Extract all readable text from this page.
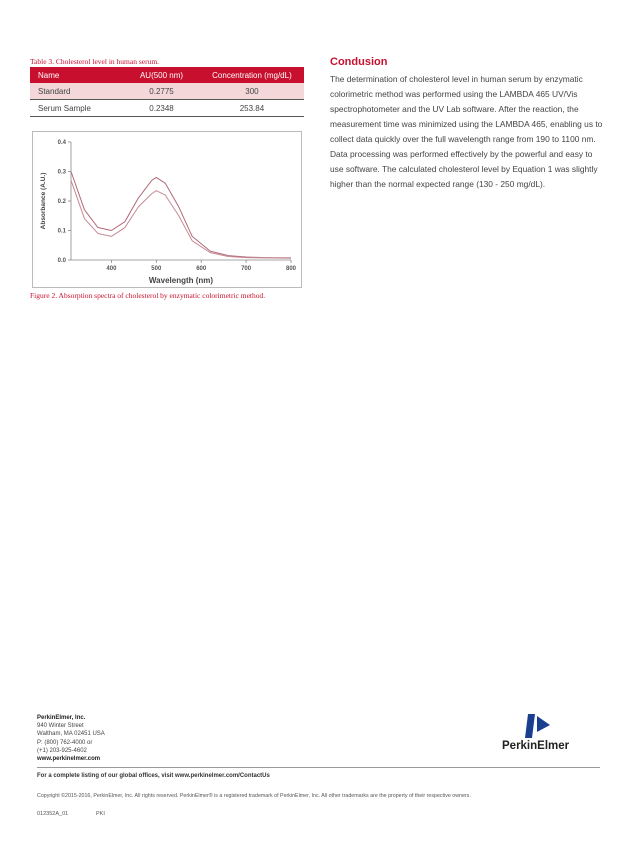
Table 3. Cholesterol level in human serum.
Name	AU(500 nm)	Concentration (mg/dL)
Standard	0.2775	300
Serum Sample	0.2348	253.84
0.0
0.1
0.2
0.3
0.4
400	500	600	700	800
Wavelength (nm)
Absorbance (A.U.)
Figure 2. Absorption spectra of cholesterol by enzymatic colorimetric method.
Condusion

The determination of cholesterol level in human serum by enzymatic colorimetric method was performed using the LAMBDA 465 UV/Vis spectrophotometer and the UV Lab software. After the reaction, the measurement time was minimized using the LAMBDA 465, enabling us to collect data quickly over the full wavelength range from 190 to 1100 nm. Data processing was performed effectively by the powerful and easy to use software. The calculated cholesterol level by Equation 1 was slightly higher than the normal expected range (130 - 250 mg/dL).

PerkinElmer, Inc.
940 Winter Street
Waltham, MA 02451 USA
P: (800) 762-4000 or
(+1) 203-925-4602
www.perkinelmer.com
PerkinElmer
For a complete listing of our global offices, visit www.perkinelmer.com/ContactUs
Copyright ©2015-2016, PerkinElmer, Inc. All rights reserved. PerkinElmer® is a registered trademark of PerkinElmer, Inc. All other trademarks are the property of their respective owners.
012352A_01	PKI
